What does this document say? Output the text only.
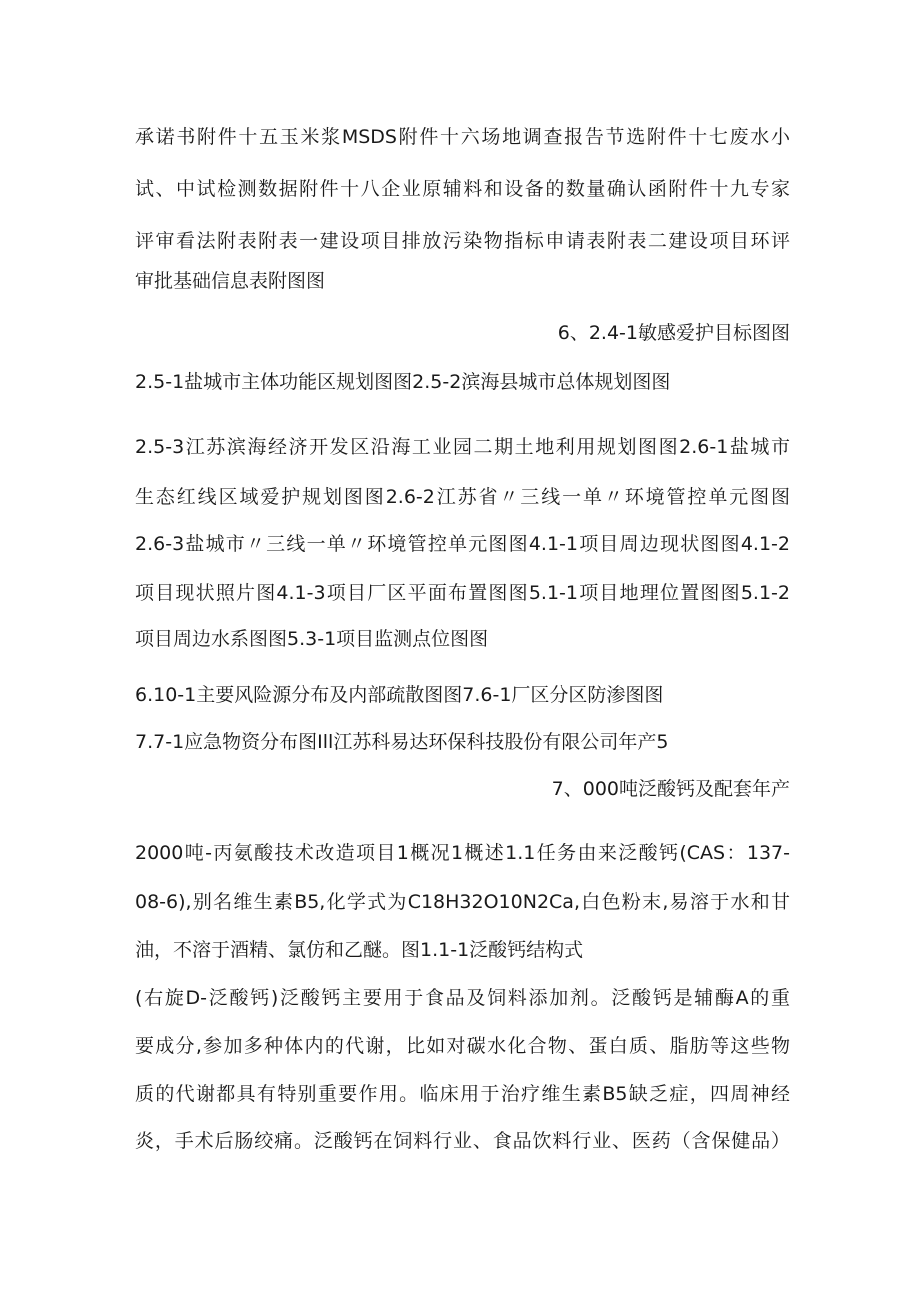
承诺书附件十五玉米浆MSDS附件十六场地调查报告节选附件十七废水小
试、中试检测数据附件十八企业原辅料和设备的数量确认函附件十九专家
评审看法附表附表一建设项目排放污染物指标申请表附表二建设项目环评
审批基础信息表附图图
6、2.4-1敏感爱护目标图图
2.5-1盐城市主体功能区规划图图2.5-2滨海县城市总体规划图图
2.5-3江苏滨海经济开发区沿海工业园二期土地利用规划图图2.6-1盐城市
生态红线区域爱护规划图图2.6-2江苏省〃三线一单〃环境管控单元图图
2.6-3盐城市〃三线一单〃环境管控单元图图4.1-1项目周边现状图图4.1-2
项目现状照片图4.1-3项目厂区平面布置图图5.1-1项目地理位置图图5.1-2
项目周边水系图图5.3-1项目监测点位图图
6.10-1主要风险源分布及内部疏散图图7.6-1厂区分区防渗图图
7.7-1应急物资分布图Ill江苏科易达环保科技股份有限公司年产5
7、000吨泛酸钙及配套年产
2000吨-丙氨酸技术改造项目1概况1概述1.1任务由来泛酸钙(CAS：137-
08-6),别名维生素B5,化学式为C18H32O10N2Ca,白色粉末,易溶于水和甘
油，不溶于酒精、氯仿和乙醚。图1.1-1泛酸钙结构式
(右旋D-泛酸钙)泛酸钙主要用于食品及饲料添加剂。泛酸钙是辅酶A的重
要成分,参加多种体内的代谢，比如对碳水化合物、蛋白质、脂肪等这些物
质的代谢都具有特别重要作用。临床用于治疗维生素B5缺乏症，四周神经
炎，手术后肠绞痛。泛酸钙在饲料行业、食品饮料行业、医药（含保健品）
